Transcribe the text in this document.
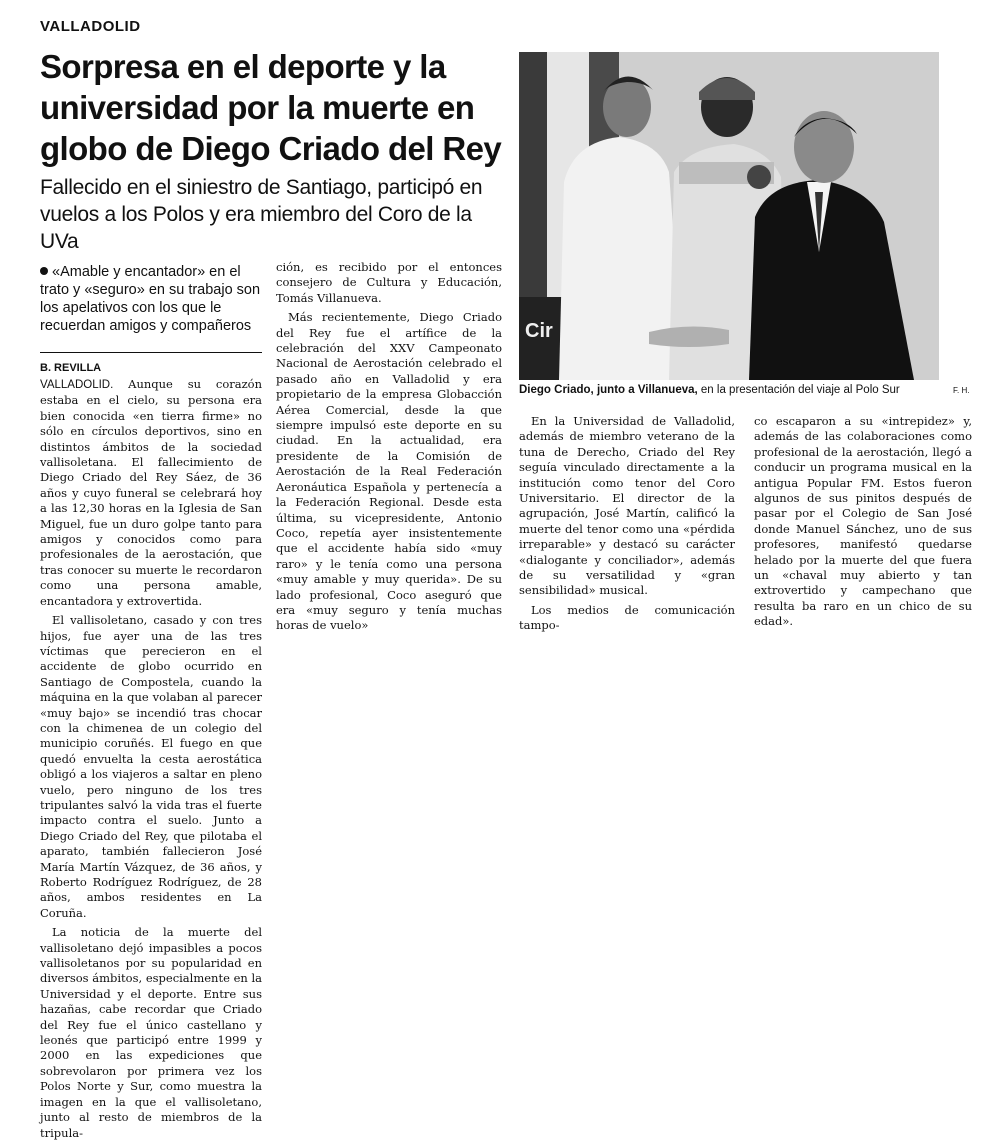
VALLADOLID
Sorpresa en el deporte y la universidad por la muerte en globo de Diego Criado del Rey

Fallecido en el siniestro de Santiago, participó en vuelos a los Polos y era miembro del Coro de la UVa

Cir
Diego Criado, junto a Villanueva, en la presentación del viaje al Polo Sur	F. H.
«Amable y encantador» en el trato y «seguro» en su trabajo son los apelativos con los que le recuerdan amigos y compañeros
B. REVILLA

VALLADOLID. Aunque su corazón estaba en el cielo, su persona era bien conocida «en tierra firme» no sólo en círculos deportivos, sino en distintos ámbitos de la sociedad vallisoletana. El fallecimiento de Diego Criado del Rey Sáez, de 36 años y cuyo funeral se celebrará hoy a las 12,30 horas en la Iglesia de San Miguel, fue un duro golpe tanto para amigos y conocidos como para profesionales de la aerostación, que tras conocer su muerte le recordaron como una persona amable, encantadora y extrovertida.

El vallisoletano, casado y con tres hijos, fue ayer una de las tres víctimas que perecieron en el accidente de globo ocurrido en Santiago de Compostela, cuando la máquina en la que volaban al parecer «muy bajo» se incendió tras chocar con la chimenea de un colegio del municipio coruñés. El fuego en que quedó envuelta la cesta aerostática obligó a los viajeros a saltar en pleno vuelo, pero ninguno de los tres tripulantes salvó la vida tras el fuerte impacto contra el suelo. Junto a Diego Criado del Rey, que pilotaba el aparato, también fallecieron José María Martín Vázquez, de 36 años, y Roberto Rodríguez Rodríguez, de 28 años, ambos residentes en La Coruña.

La noticia de la muerte del vallisoletano dejó impasibles a pocos vallisoletanos por su popularidad en diversos ámbitos, especialmente en la Universidad y el deporte. Entre sus hazañas, cabe recordar que Criado del Rey fue el único castellano y leonés que participó entre 1999 y 2000 en las expediciones que sobrevolaron por primera vez los Polos Norte y Sur, como muestra la imagen en la que el vallisoletano, junto al resto de miembros de la tripula-

ción, es recibido por el entonces consejero de Cultura y Educación, Tomás Villanueva.

Más recientemente, Diego Criado del Rey fue el artífice de la celebración del XXV Campeonato Nacional de Aerostación celebrado el pasado año en Valladolid y era propietario de la empresa Globacción Aérea Comercial, desde la que siempre impulsó este deporte en su ciudad. En la actualidad, era presidente de la Comisión de Aerostación de la Real Federación Aeronáutica Española y pertenecía a la Federación Regional. Desde esta última, su vicepresidente, Antonio Coco, repetía ayer insistentemente que el accidente había sido «muy raro» y le tenía como una persona «muy amable y muy querida». De su lado profesional, Coco aseguró que era «muy seguro y tenía muchas horas de vuelo»

En la Universidad de Valladolid, además de miembro veterano de la tuna de Derecho, Criado del Rey seguía vinculado directamente a la institución como tenor del Coro Universitario. El director de la agrupación, José Martín, calificó la muerte del tenor como una «pérdida irreparable» y destacó su carácter «dialogante y conciliador», además de su versatilidad y «gran sensibilidad» musical.

Los medios de comunicación tampo-

co escaparon a su «intrepidez» y, además de las colaboraciones como profesional de la aerostación, llegó a conducir un programa musical en la antigua Popular FM. Estos fueron algunos de sus pinitos después de pasar por el Colegio de San José donde Manuel Sánchez, uno de sus profesores, manifestó quedarse helado por la muerte del que fuera un «chaval muy abierto y tan extrovertido y campechano que resulta ba raro en un chico de su edad».
